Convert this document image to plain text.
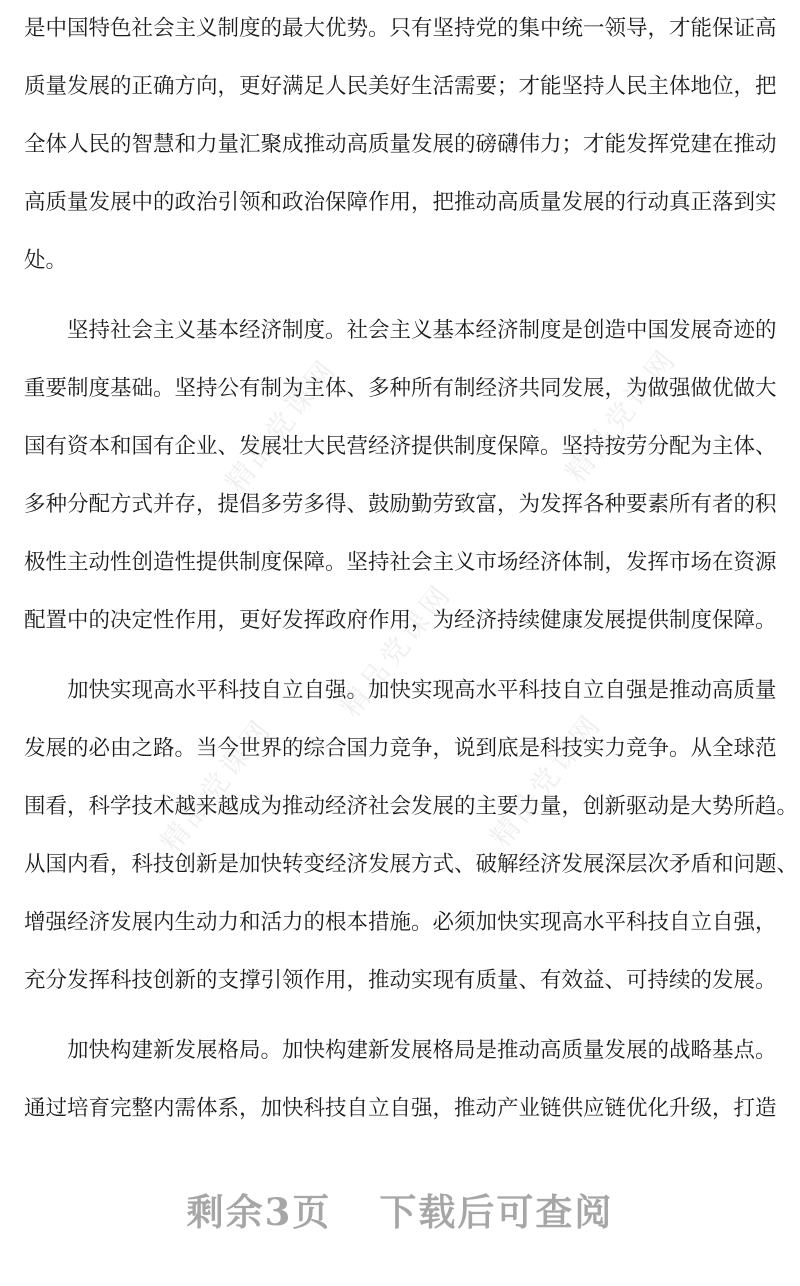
是中国特色社会主义制度的最大优势。只有坚持党的集中统一领导，才能保证高
质量发展的正确方向，更好满足人民美好生活需要；才能坚持人民主体地位，把
全体人民的智慧和力量汇聚成推动高质量发展的磅礴伟力；才能发挥党建在推动
高质量发展中的政治引领和政治保障作用，把推动高质量发展的行动真正落到实
处。

坚持社会主义基本经济制度。社会主义基本经济制度是创造中国发展奇迹的
重要制度基础。坚持公有制为主体、多种所有制经济共同发展，为做强做优做大
国有资本和国有企业、发展壮大民营经济提供制度保障。坚持按劳分配为主体、
多种分配方式并存，提倡多劳多得、鼓励勤劳致富，为发挥各种要素所有者的积
极性主动性创造性提供制度保障。坚持社会主义市场经济体制，发挥市场在资源
配置中的决定性作用，更好发挥政府作用，为经济持续健康发展提供制度保障。

加快实现高水平科技自立自强。加快实现高水平科技自立自强是推动高质量
发展的必由之路。当今世界的综合国力竞争，说到底是科技实力竞争。从全球范
围看，科学技术越来越成为推动经济社会发展的主要力量，创新驱动是大势所趋。
从国内看，科技创新是加快转变经济发展方式、破解经济发展深层次矛盾和问题、
增强经济发展内生动力和活力的根本措施。必须加快实现高水平科技自立自强，
充分发挥科技创新的支撑引领作用，推动实现有质量、有效益、可持续的发展。

加快构建新发展格局。加快构建新发展格局是推动高质量发展的战略基点。
通过培育完整内需体系，加快科技自立自强，推动产业链供应链优化升级，打造

精品党课网	精品党课网
精品党课网
精品党课网	精品党课网
剩余3页 下载后可查阅
